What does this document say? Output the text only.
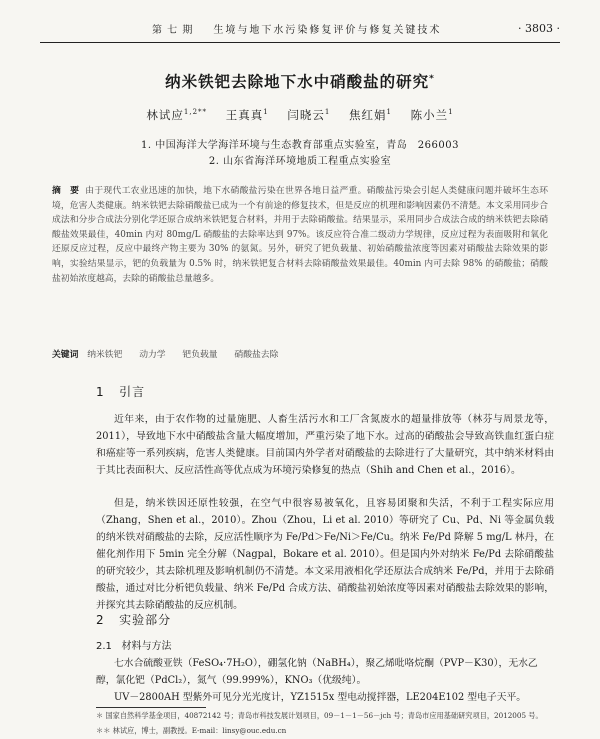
第 七 期 生境与地下水污染修复评价与修复关键技术	· 3803 ·
纳米铁钯去除地下水中硝酸盐的研究*
林试应$^{1,2**}$ 王真真$^1$ 闫晓云$^1$ 焦红娟$^1$ 陈小兰$^1$
1. 中国海洋大学海洋环境与生态教育部重点实验室，青岛　266003
2. 山东省海洋环境地质工程重点实验室
摘　要 由于现代工农业迅速的加快，地下水硝酸盐污染在世界各地日益严重。硝酸盐污染会引起人类健康问题并破坏生态环境，危害人类健康。纳米铁钯去除硝酸盐已成为一个有前途的修复技术，但是反应的机理和影响因素仍不清楚。本文采用同步合成法和分步合成法分别化学还原合成纳米铁钯复合材料，并用于去除硝酸盐。结果显示，采用同步合成法合成的纳米铁钯去除硝酸盐效果最佳，40min 内对 80mg/L 硝酸盐的去除率达到 97%。该反应符合准二级动力学规律，反应过程为表面吸附和氧化还原反应过程，反应中最终产物主要为 30% 的氨氮。另外，研究了钯负载量、初始硝酸盐浓度等因素对硝酸盐去除效果的影响，实验结果显示，钯的负载量为 0.5% 时，纳米铁钯复合材料去除硝酸盐效果最佳。40min 内可去除 98% 的硝酸盐；硝酸盐初始浓度越高，去除的硝酸盐总量越多。
关键词 纳米铁钯 动力学 钯负载量 硝酸盐去除
1 引言

近年来，由于农作物的过量施肥、人畜生活污水和工厂含氮废水的超量排放等（林芬与周景龙等，2011），导致地下水中硝酸盐含量大幅度增加，严重污染了地下水。过高的硝酸盐会导致高铁血红蛋白症和癌症等一系列疾病，危害人类健康。目前国内外学者对硝酸盐的去除进行了大量研究，其中纳米材料由于其比表面积大、反应活性高等优点成为环境污染修复的热点（Shih and Chen et al.，2016）。

但是，纳米铁因还原性较强，在空气中很容易被氧化，且容易团聚和失活，不利于工程实际应用（Zhang，Shen et al.，2010）。Zhou（Zhou，Li et al. 2010）等研究了 Cu、Pd、Ni 等金属负载的纳米铁对硝酸盐的去除，反应活性顺序为 Fe/Pd＞Fe/Ni＞Fe/Cu。纳米 Fe/Pd 降解 5 mg/L 林丹，在催化剂作用下 5min 完全分解（Nagpal，Bokare et al. 2010）。但是国内外对纳米 Fe/Pd 去除硝酸盐的研究较少，其去除机理及影响机制仍不清楚。本文采用液相化学还原法合成纳米 Fe/Pd，并用于去除硝酸盐，通过对比分析钯负载量、纳米 Fe/Pd 合成方法、硝酸盐初始浓度等因素对硝酸盐去除效果的影响，并探究其去除硝酸盐的反应机制。

2 实验部分
2.1 材料与方法
七水合硫酸亚铁（FeSO₄·7H₂O），硼氢化钠（NaBH₄），聚乙烯吡咯烷酮（PVP－K30），无水乙醇，氯化钯（PdCl₂），氮气（99.999%），KNO₃（优级纯）。
UV－2800AH 型紫外可见分光光度计，YZ1515x 型电动搅拌器，LE204E102 型电子天平。
＊ 国家自然科学基金项目，40872142 号；青岛市科技发展计划项目，09－1－1－56－jch 号；青岛市应用基础研究项目，2012005 号。
＊＊ 林试应，博士，副教授。E-mail：linsy@ouc.edu.cn
